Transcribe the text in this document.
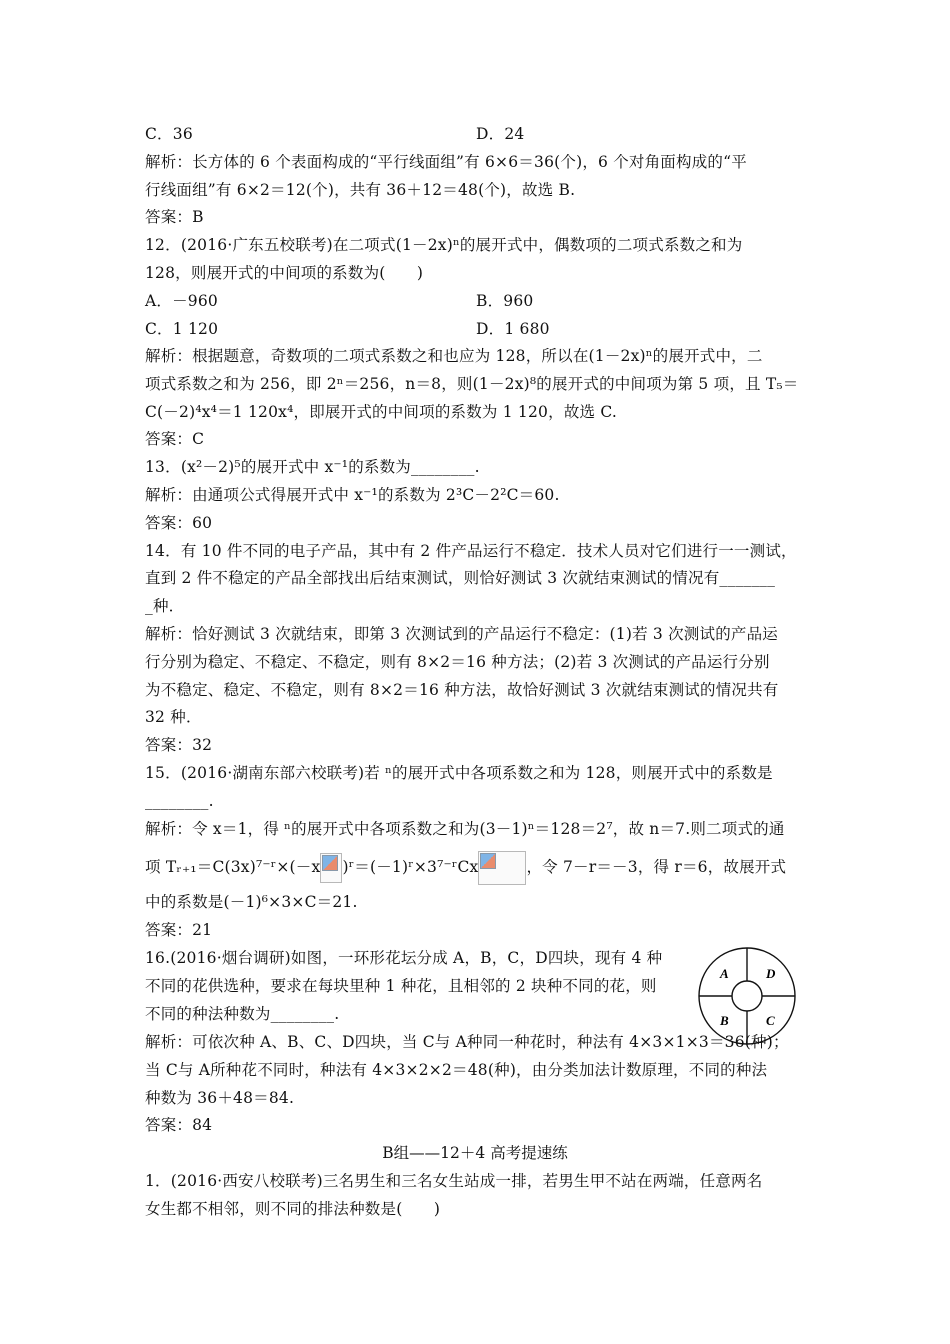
C．36	D．24
解析：长方体的 6 个表面构成的“平行线面组”有 6×6＝36(个)，6 个对角面构成的“平
行线面组”有 6×2＝12(个)，共有 36＋12＝48(个)，故选 B.
答案：B
12．(2016·广东五校联考)在二项式(1－2x)ⁿ的展开式中，偶数项的二项式系数之和为
128，则展开式的中间项的系数为(　　)
A．－960	B．960
C．1 120	D．1 680
解析：根据题意，奇数项的二项式系数之和也应为 128，所以在(1－2x)ⁿ的展开式中，二
项式系数之和为 256，即 2ⁿ＝256，n＝8，则(1－2x)⁸的展开式的中间项为第 5 项，且 T₅＝
C(－2)⁴x⁴＝1 120x⁴，即展开式的中间项的系数为 1 120，故选 C.
答案：C
13．(x²－2)⁵的展开式中 x⁻¹的系数为________.
解析：由通项公式得展开式中 x⁻¹的系数为 2³C－2²C＝60.
答案：60
14．有 10 件不同的电子产品，其中有 2 件产品运行不稳定．技术人员对它们进行一一测试，
直到 2 件不稳定的产品全部找出后结束测试，则恰好测试 3 次就结束测试的情况有_______
_种．
解析：恰好测试 3 次就结束，即第 3 次测试到的产品运行不稳定：(1)若 3 次测试的产品运
行分别为稳定、不稳定、不稳定，则有 8×2＝16 种方法；(2)若 3 次测试的产品运行分别
为不稳定、稳定、不稳定，则有 8×2＝16 种方法，故恰好测试 3 次就结束测试的情况共有
32 种．
答案：32
15．(2016·湖南东部六校联考)若 ⁿ的展开式中各项系数之和为 128，则展开式中的系数是
________.
解析：令 x＝1，得 ⁿ的展开式中各项系数之和为(3－1)ⁿ＝128＝2⁷，故 n＝7.则二项式的通
项 Tᵣ₊₁＝C(3x)⁷⁻ʳ×(－x )ʳ＝(－1)ʳ×3⁷⁻ʳCx	，令 7－r＝－3，得 r＝6，故展开式
中的系数是(－1)⁶×3×C＝21.
答案：21
16.(2016·烟台调研)如图，一环形花坛分成 A，B，C，D四块，现有 4 种
不同的花供选种，要求在每块里种 1 种花，且相邻的 2 块种不同的花，则
不同的种法种数为________.
A	D
B	C
解析：可依次种 A、B、C、D四块，当 C与 A种同一种花时，种法有 4×3×1×3＝36(种)；
当 C与 A所种花不同时，种法有 4×3×2×2＝48(种)，由分类加法计数原理，不同的种法
种数为 36＋48＝84.
答案：84
B组——12＋4 高考提速练
1．(2016·西安八校联考)三名男生和三名女生站成一排，若男生甲不站在两端，任意两名
女生都不相邻，则不同的排法种数是(　　)
